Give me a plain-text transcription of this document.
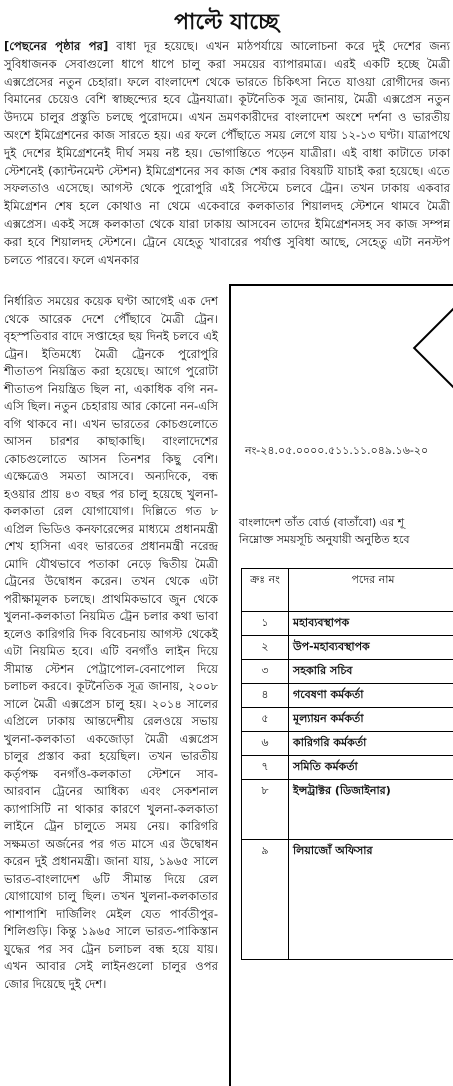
পাল্টে যাচ্ছে
[পেছনের পৃষ্ঠার পর] বাধা দূর হয়েছে। এখন মাঠপর্যায়ে আলোচনা করে দুই দেশের জন্য সুবিধাজনক সেবাগুলো ধাপে ধাপে চালু করা সময়ের ব্যাপারমাত্র। এরই একটি হচ্ছে মৈত্রী এক্সপ্রেসের নতুন চেহারা। ফলে বাংলাদেশ থেকে ভারতে চিকিৎসা নিতে যাওয়া রোগীদের জন্য বিমানের চেয়েও বেশি স্বাচ্ছন্দ্যের হবে ট্রেনযাত্রা। কূটনৈতিক সূত্র জানায়, মৈত্রী এক্সপ্রেস নতুন উদ্যমে চালুর প্রস্তুতি চলছে পুরোদমে। এখন ভ্রমণকারীদের বাংলাদেশ অংশে দর্শনা ও ভারতীয় অংশে ইমিগ্রেশনের কাজ সারতে হয়। এর ফলে পৌঁছাতে সময় লেগে যায় ১২-১৩ ঘণ্টা। যাত্রাপথে দুই দেশের ইমিগ্রেশনেই দীর্ঘ সময় নষ্ট হয়। ভোগান্তিতে পড়েন যাত্রীরা। এই বাধা কাটাতে ঢাকা স্টেশনেই (ক্যান্টনমেন্ট স্টেশন) ইমিগ্রেশনের সব কাজ শেষ করার বিষয়টি যাচাই করা হয়েছে। এতে সফলতাও এসেছে। আগস্ট থেকে পুরোপুরি এই সিস্টেমে চলবে ট্রেন। তখন ঢাকায় একবার ইমিগ্রেশন শেষ হলে কোথাও না থেমে একেবারে কলকাতার শিয়ালদহ স্টেশনে থামবে মৈত্রী এক্সপ্রেস। একই সঙ্গে কলকাতা থেকে যারা ঢাকায় আসবেন তাদের ইমিগ্রেশনসহ সব কাজ সম্পন্ন করা হবে শিয়ালদহ স্টেশনে। ট্রেনে যেহেতু খাবারের পর্যাপ্ত সুবিধা আছে, সেহেতু এটা ননস্টপ চলতে পারবে। ফলে এখনকার
নির্ধারিত সময়ের কয়েক ঘণ্টা আগেই এক দেশ থেকে আরেক দেশে পৌঁছাবে মৈত্রী ট্রেন। বৃহস্পতিবার বাদে সপ্তাহের ছয় দিনই চলবে এই ট্রেন। ইতিমধ্যে মৈত্রী ট্রেনকে পুরোপুরি শীতাতপ নিয়ন্ত্রিত করা হয়েছে। আগে পুরোটা শীতাতপ নিয়ন্ত্রিত ছিল না, একাধিক বগি নন-এসি ছিল। নতুন চেহারায় আর কোনো নন-এসি বগি থাকবে না। এখন ভারতের কোচগুলোতে আসন চারশর কাছাকাছি। বাংলাদেশের কোচগুলোতে আসন তিনশর কিছু বেশি। এক্ষেত্রেও সমতা আসবে। অন্যদিকে, বন্ধ হওয়ার প্রায় ৪৩ বছর পর চালু হয়েছে খুলনা-কলকাতা রেল যোগাযোগ। দিল্লিতে গত ৮ এপ্রিল ভিডিও কনফারেন্সের মাধ্যমে প্রধানমন্ত্রী শেখ হাসিনা এবং ভারতের প্রধানমন্ত্রী নরেন্দ্র মোদি যৌথভাবে পতাকা নেড়ে দ্বিতীয় মৈত্রী ট্রেনের উদ্বোধন করেন। তখন থেকে এটা পরীক্ষামূলক চলছে। প্রাথমিকভাবে জুন থেকে খুলনা-কলকাতা নিয়মিত ট্রেন চলার কথা ভাবা হলেও কারিগরি দিক বিবেচনায় আগস্ট থেকেই এটা নিয়মিত হবে। এটি বনগাঁও লাইন দিয়ে সীমান্ত স্টেশন পেট্রাপোল-বেনাপোল দিয়ে চলাচল করবে। কূটনৈতিক সূত্র জানায়, ২০০৮ সালে মৈত্রী এক্সপ্রেস চালু হয়। ২০১৪ সালের এপ্রিলে ঢাকায় আন্তদেশীয় রেলওয়ে সভায় খুলনা-কলকাতা একজোড়া মৈত্রী এক্সপ্রেস চালুর প্রস্তাব করা হয়েছিল। তখন ভারতীয় কর্তৃপক্ষ বনগাঁও-কলকাতা স্টেশনে সাব-আরবান ট্রেনের আধিক্য এবং সেকশনাল ক্যাপাসিটি না থাকার কারণে খুলনা-কলকাতা লাইনে ট্রেন চালুতে সময় নেয়। কারিগরি সক্ষমতা অর্জনের পর গত মাসে এর উদ্বোধন করেন দুই প্রধানমন্ত্রী। জানা যায়, ১৯৬৫ সালে ভারত-বাংলাদেশ ৬টি সীমান্ত দিয়ে রেল যোগাযোগ চালু ছিল। তখন খুলনা-কলকাতার পাশাপাশি দার্জিলিং মেইল যেত পার্বতীপুর-শিলিগুড়ি। কিন্তু ১৯৬৫ সালে ভারত-পাকিস্তান যুদ্ধের পর সব ট্রেন চলাচল বন্ধ হয়ে যায়। এখন আবার সেই লাইনগুলো চালুর ওপর জোর দিয়েছে দুই দেশ।
নং-২৪.০৫.০০০০.৫১১.১১.০৪৯.১৬-২০
বাংলাদেশ তাঁত বোর্ড (বাতাঁবো) এর শূ
নিম্নোক্ত সময়সূচি অনুযায়ী অনুষ্ঠিত হবে
ক্রঃ নং	পদের নাম
১	মহাব্যবস্থাপক
২	উপ-মহাব্যবস্থাপক
৩	সহকারি সচিব
৪	গবেষণা কর্মকর্তা
৫	মূল্যায়ন কর্মকর্তা
৬	কারিগরি কর্মকর্তা
৭	সমিতি কর্মকর্তা
৮	ইন্সট্রাক্টর (ডিজাইনার)
৯	লিয়াজোঁ অফিসার
